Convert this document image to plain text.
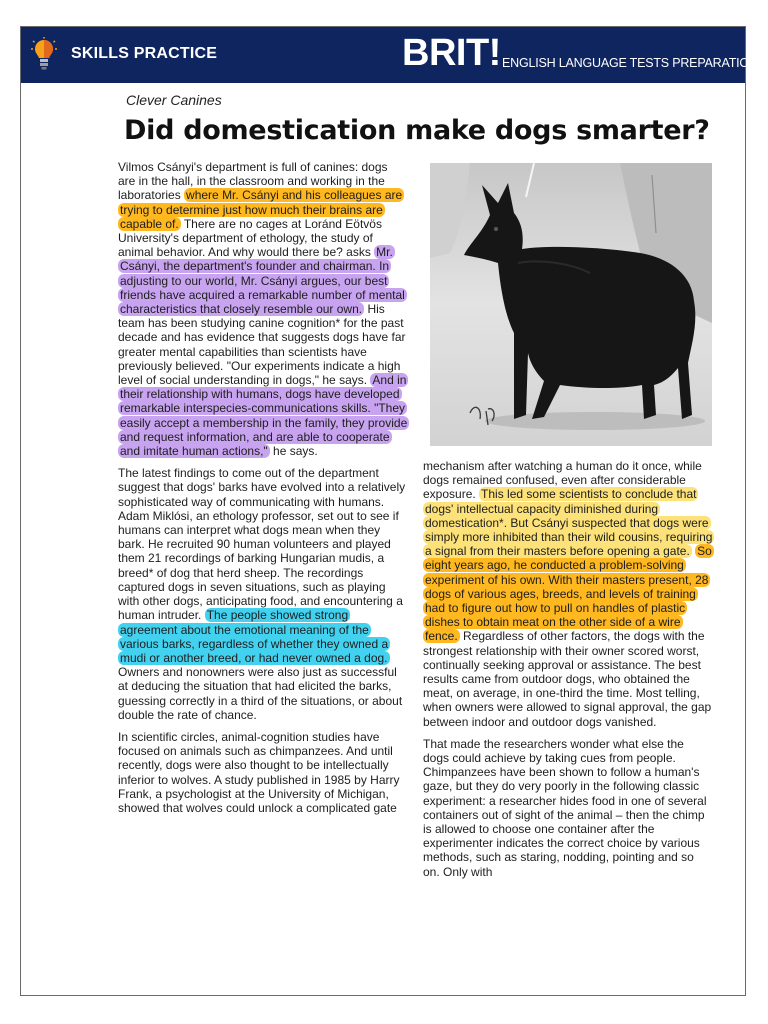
SKILLS PRACTICE	BRIT! ENGLISH LANGUAGE TESTS PREPARATION.
Clever Canines
Did domestication make dogs smarter?

Vilmos Csányi's department is full of canines: dogs are in the hall, in the classroom and working in the laboratories where Mr. Csányi and his colleagues are trying to determine just how much their brains are capable of. There are no cages at Loránd Eötvös University's department of ethology, the study of animal behavior. And why would there be? asks Mr. Csányi, the department's founder and chairman. In adjusting to our world, Mr. Csányi argues, our best friends have acquired a remarkable number of mental characteristics that closely resemble our own. His team has been studying canine cognition* for the past decade and has evidence that suggests dogs have far greater mental capabilities than scientists have previously believed. "Our experiments indicate a high level of social understanding in dogs," he says. And in their relationship with humans, dogs have developed remarkable interspecies-communications skills. "They easily accept a membership in the family, they provide and request information, and are able to cooperate and imitate human actions," he says.

The latest findings to come out of the department suggest that dogs' barks have evolved into a relatively sophisticated way of communicating with humans. Adam Miklósi, an ethology professor, set out to see if humans can interpret what dogs mean when they bark. He recruited 90 human volunteers and played them 21 recordings of barking Hungarian mudis, a breed* of dog that herd sheep. The recordings captured dogs in seven situations, such as playing with other dogs, anticipating food, and encountering a human intruder. The people showed strong agreement about the emotional meaning of the various barks, regardless of whether they owned a mudi or another breed, or had never owned a dog. Owners and nonowners were also just as successful at deducing the situation that had elicited the barks, guessing correctly in a third of the situations, or about double the rate of chance.

In scientific circles, animal-cognition studies have focused on animals such as chimpanzees. And until recently, dogs were also thought to be intellectually inferior to wolves. A study published in 1985 by Harry Frank, a psychologist at the University of Michigan, showed that wolves could unlock a complicated gate

mechanism after watching a human do it once, while dogs remained confused, even after considerable exposure. This led some scientists to conclude that dogs' intellectual capacity diminished during domestication*. But Csányi suspected that dogs were simply more inhibited than their wild cousins, requiring a signal from their masters before opening a gate. So eight years ago, he conducted a problem-solving experiment of his own. With their masters present, 28 dogs of various ages, breeds, and levels of training had to figure out how to pull on handles of plastic dishes to obtain meat on the other side of a wire fence. Regardless of other factors, the dogs with the strongest relationship with their owner scored worst, continually seeking approval or assistance. The best results came from outdoor dogs, who obtained the meat, on average, in one-third the time. Most telling, when owners were allowed to signal approval, the gap between indoor and outdoor dogs vanished.

That made the researchers wonder what else the dogs could achieve by taking cues from people. Chimpanzees have been shown to follow a human's gaze, but they do very poorly in the following classic experiment: a researcher hides food in one of several containers out of sight of the animal – then the chimp is allowed to choose one container after the experimenter indicates the correct choice by various methods, such as staring, nodding, pointing and so on. Only with
